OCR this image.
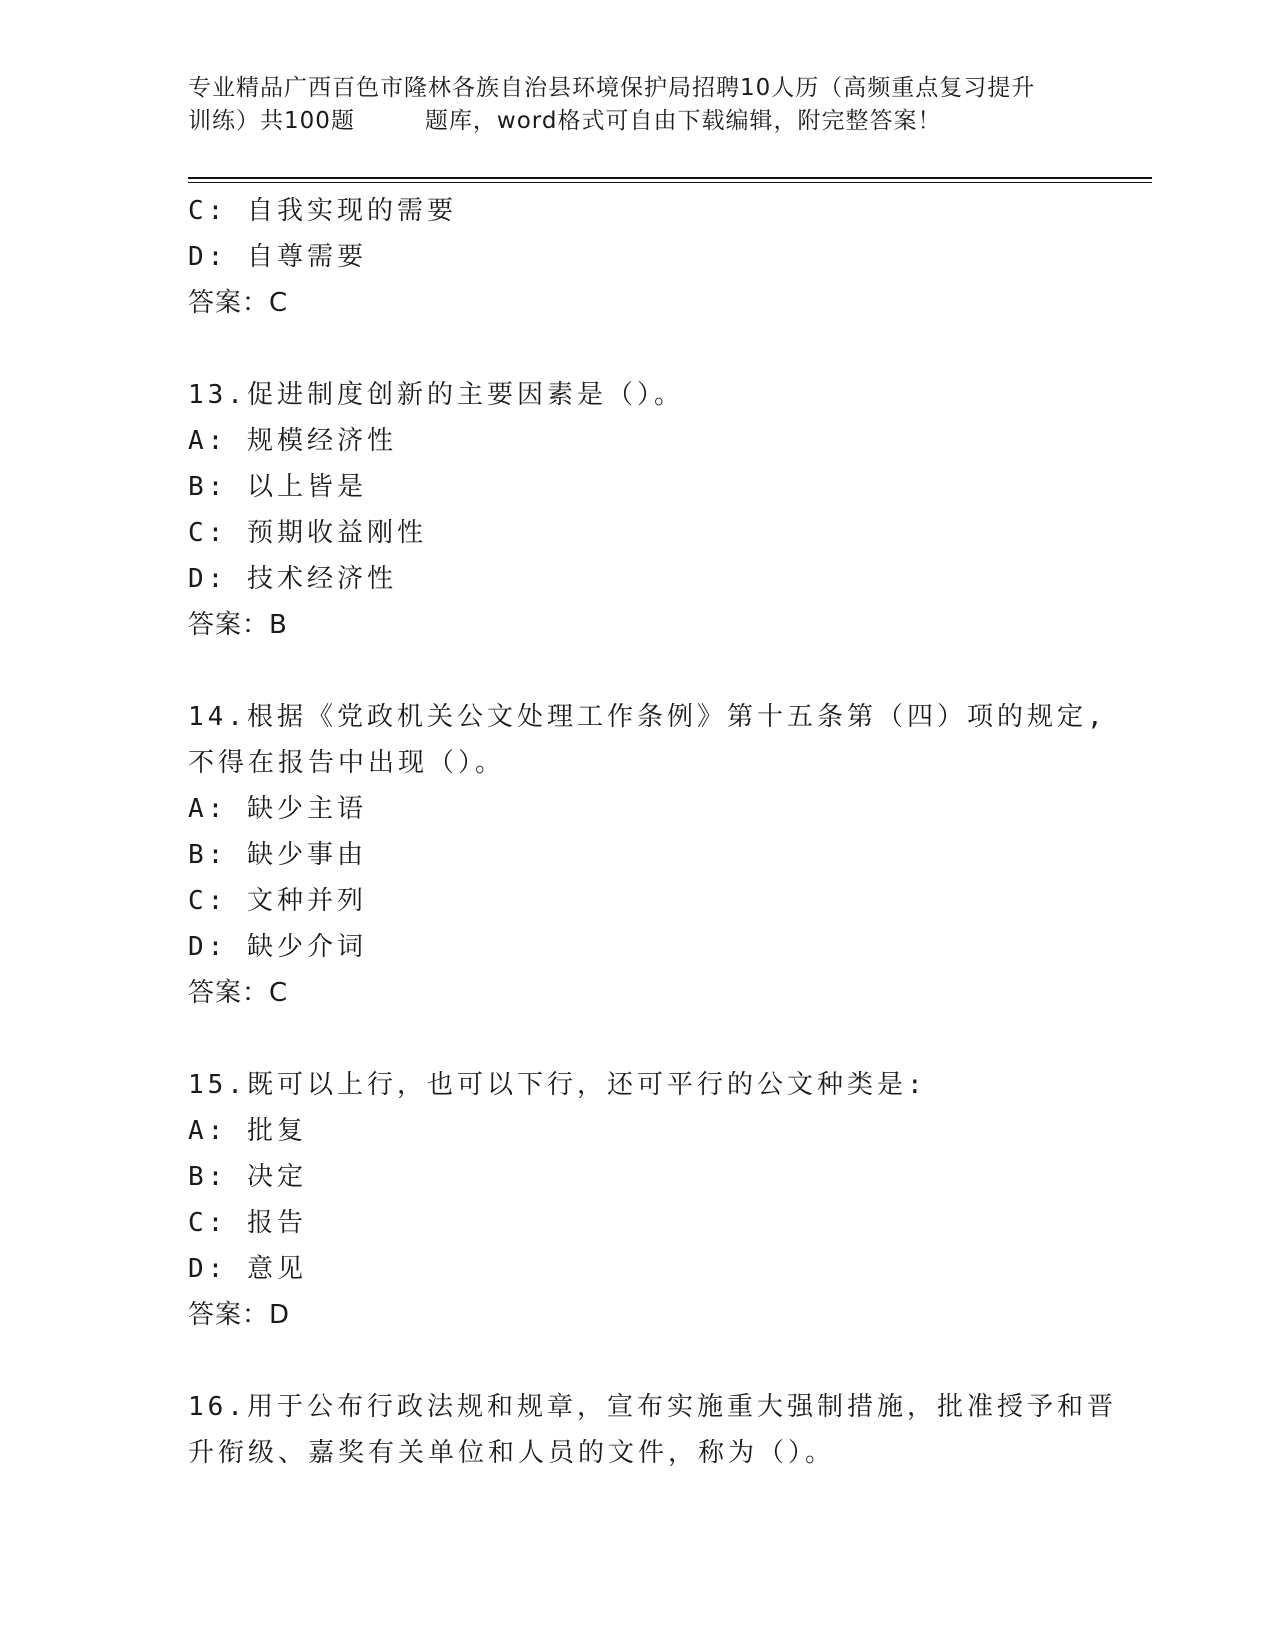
专业精品广西百色市隆林各族自治县环境保护局招聘10人历（高频重点复习提升
训练）共100题	题库，word格式可自由下载编辑，附完整答案！
C: 自我实现的需要
D: 自尊需要
答案：C
13.促进制度创新的主要因素是（）。
A: 规模经济性
B: 以上皆是
C: 预期收益刚性
D: 技术经济性
答案：B
14.根据《党政机关公文处理工作条例》第十五条第（四）项的规定,
不得在报告中出现（）。
A: 缺少主语
B: 缺少事由
C: 文种并列
D: 缺少介词
答案：C
15.既可以上行，也可以下行，还可平行的公文种类是:
A: 批复
B: 决定
C: 报告
D: 意见
答案：D
16.用于公布行政法规和规章，宣布实施重大强制措施，批准授予和晋
升衔级、嘉奖有关单位和人员的文件，称为（）。
